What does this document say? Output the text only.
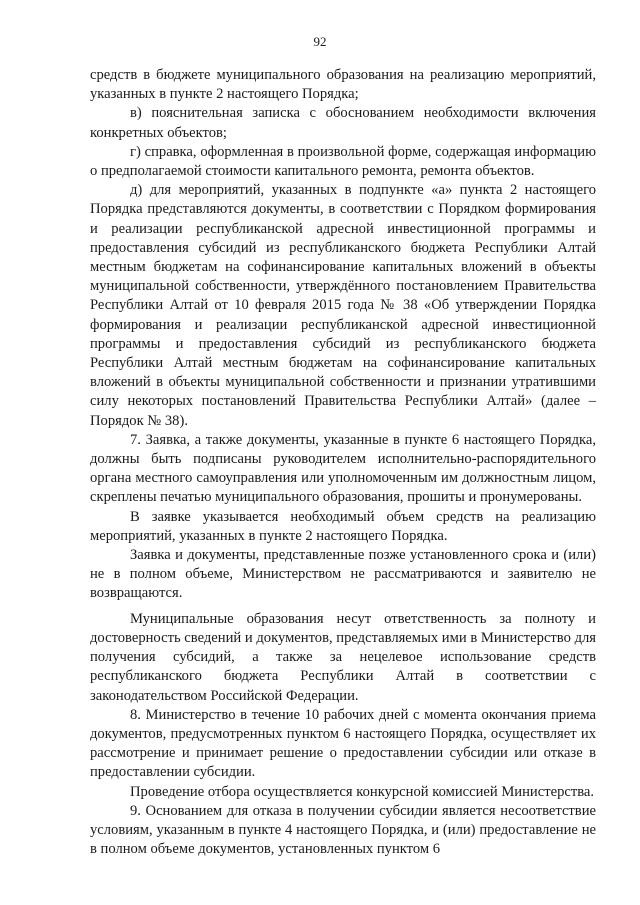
92

средств в бюджете муниципального образования на реализацию мероприятий, указанных в пункте 2 настоящего Порядка;

в) пояснительная записка с обоснованием необходимости включения конкретных объектов;

г) справка, оформленная в произвольной форме, содержащая информацию о предполагаемой стоимости капитального ремонта, ремонта объектов.

д) для мероприятий, указанных в подпункте «а» пункта 2 настоящего Порядка представляются документы, в соответствии с Порядком формирования и реализации республиканской адресной инвестиционной программы и предоставления субсидий из республиканского бюджета Республики Алтай местным бюджетам на софинансирование капитальных вложений в объекты муниципальной собственности, утверждённого постановлением Правительства Республики Алтай от 10 февраля 2015 года № 38 «Об утверждении Порядка формирования и реализации республиканской адресной инвестиционной программы и предоставления субсидий из республиканского бюджета Республики Алтай местным бюджетам на софинансирование капитальных вложений в объекты муниципальной собственности и признании утратившими силу некоторых постановлений Правительства Республики Алтай» (далее – Порядок № 38).

7. Заявка, а также документы, указанные в пункте 6 настоящего Порядка, должны быть подписаны руководителем исполнительно-распорядительного органа местного самоуправления или уполномоченным им должностным лицом, скреплены печатью муниципального образования, прошиты и пронумерованы.

В заявке указывается необходимый объем средств на реализацию мероприятий, указанных в пункте 2 настоящего Порядка.

Заявка и документы, представленные позже установленного срока и (или) не в полном объеме, Министерством не рассматриваются и заявителю не возвращаются.

Муниципальные образования несут ответственность за полноту и достоверность сведений и документов, представляемых ими в Министерство для получения субсидий, а также за нецелевое использование средств республиканского бюджета Республики Алтай в соответствии с законодательством Российской Федерации.

8. Министерство в течение 10 рабочих дней с момента окончания приема документов, предусмотренных пунктом 6 настоящего Порядка, осуществляет их рассмотрение и принимает решение о предоставлении субсидии или отказе в предоставлении субсидии.

Проведение отбора осуществляется конкурсной комиссией Министерства.

9. Основанием для отказа в получении субсидии является несоответствие условиям, указанным в пункте 4 настоящего Порядка, и (или) предоставление не в полном объеме документов, установленных пунктом 6
